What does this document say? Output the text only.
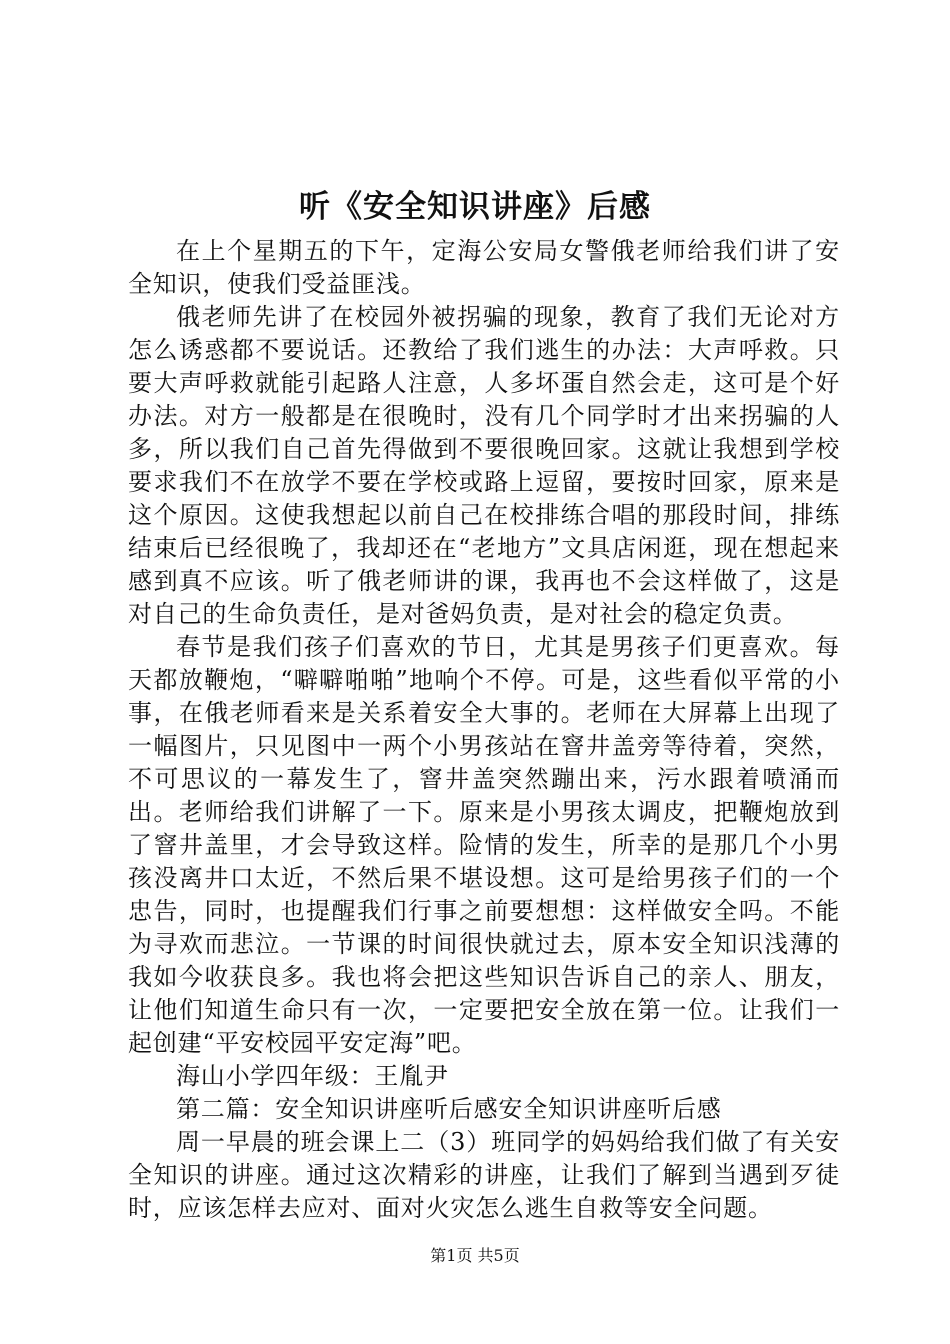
听《安全知识讲座》后感

在上个星期五的下午，定海公安局女警俄老师给我们讲了安全知识，使我们受益匪浅。

俄老师先讲了在校园外被拐骗的现象，教育了我们无论对方怎么诱惑都不要说话。还教给了我们逃生的办法：大声呼救。只要大声呼救就能引起路人注意，人多坏蛋自然会走，这可是个好办法。对方一般都是在很晚时，没有几个同学时才出来拐骗的人多，所以我们自己首先得做到不要很晚回家。这就让我想到学校要求我们不在放学不要在学校或路上逗留，要按时回家，原来是这个原因。这使我想起以前自己在校排练合唱的那段时间，排练结束后已经很晚了，我却还在“老地方”文具店闲逛，现在想起来感到真不应该。听了俄老师讲的课，我再也不会这样做了，这是对自己的生命负责任，是对爸妈负责，是对社会的稳定负责。

春节是我们孩子们喜欢的节日，尤其是男孩子们更喜欢。每天都放鞭炮，“噼噼啪啪”地响个不停。可是，这些看似平常的小事，在俄老师看来是关系着安全大事的。老师在大屏幕上出现了一幅图片，只见图中一两个小男孩站在窨井盖旁等待着，突然，不可思议的一幕发生了，窨井盖突然蹦出来，污水跟着喷涌而出。老师给我们讲解了一下。原来是小男孩太调皮，把鞭炮放到了窨井盖里，才会导致这样。险情的发生，所幸的是那几个小男孩没离井口太近，不然后果不堪设想。这可是给男孩子们的一个忠告，同时，也提醒我们行事之前要想想：这样做安全吗。不能为寻欢而悲泣。一节课的时间很快就过去，原本安全知识浅薄的我如今收获良多。我也将会把这些知识告诉自己的亲人、朋友，让他们知道生命只有一次，一定要把安全放在第一位。让我们一起创建“平安校园平安定海”吧。

海山小学四年级：王胤尹

第二篇：安全知识讲座听后感安全知识讲座听后感

周一早晨的班会课上二（3）班同学的妈妈给我们做了有关安全知识的讲座。通过这次精彩的讲座，让我们了解到当遇到歹徒时，应该怎样去应对、面对火灾怎么逃生自救等安全问题。

第1页 共5页
